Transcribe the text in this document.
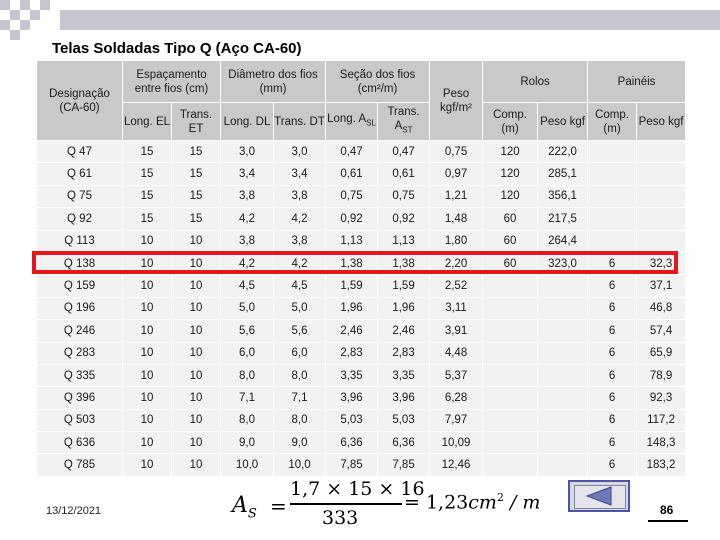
Telas Soldadas Tipo Q (Aço CA-60)
Designação (CA-60)	Espaçamento entre fios (cm)		Diâmetro dos fios (mm)		Seção dos fios (cm²/m)		Peso kgf/m²	Rolos		Painéis	
	Long. EL	Trans. ET	Long. DL	Trans. DT	Long. $A_{SL}$	Trans. $A_{ST}$		Comp. (m)	Peso kgf	Comp. (m)	Peso kgf
Q 47	15	15	3,0	3,0	0,47	0,47	0,75	120	222,0		
Q 61	15	15	3,4	3,4	0,61	0,61	0,97	120	285,1		
Q 75	15	15	3,8	3,8	0,75	0,75	1,21	120	356,1		
Q 92	15	15	4,2	4,2	0,92	0,92	1,48	60	217,5		
Q 113	10	10	3,8	3,8	1,13	1,13	1,80	60	264,4		
Q 138	10	10	4,2	4,2	1,38	1,38	2,20	60	323,0	6	32,3
Q 159	10	10	4,5	4,5	1,59	1,59	2,52			6	37,1
Q 196	10	10	5,0	5,0	1,96	1,96	3,11			6	46,8
Q 246	10	10	5,6	5,6	2,46	2,46	3,91			6	57,4
Q 283	10	10	6,0	6,0	2,83	2,83	4,48			6	65,9
Q 335	10	10	8,0	8,0	3,35	3,35	5,37			6	78,9
Q 396	10	10	7,1	7,1	3,96	3,96	6,28			6	92,3
Q 503	10	10	8,0	8,0	5,03	5,03	7,97			6	117,2
Q 636	10	10	9,0	9,0	6,36	6,36	10,09			6	148,3
Q 785	10	10	10,0	10,0	7,85	7,85	12,46			6	183,2
13/12/2021	$A_S$ =
1,7 × 15 × 16
333
= $1,23cm^2$ / m	86
